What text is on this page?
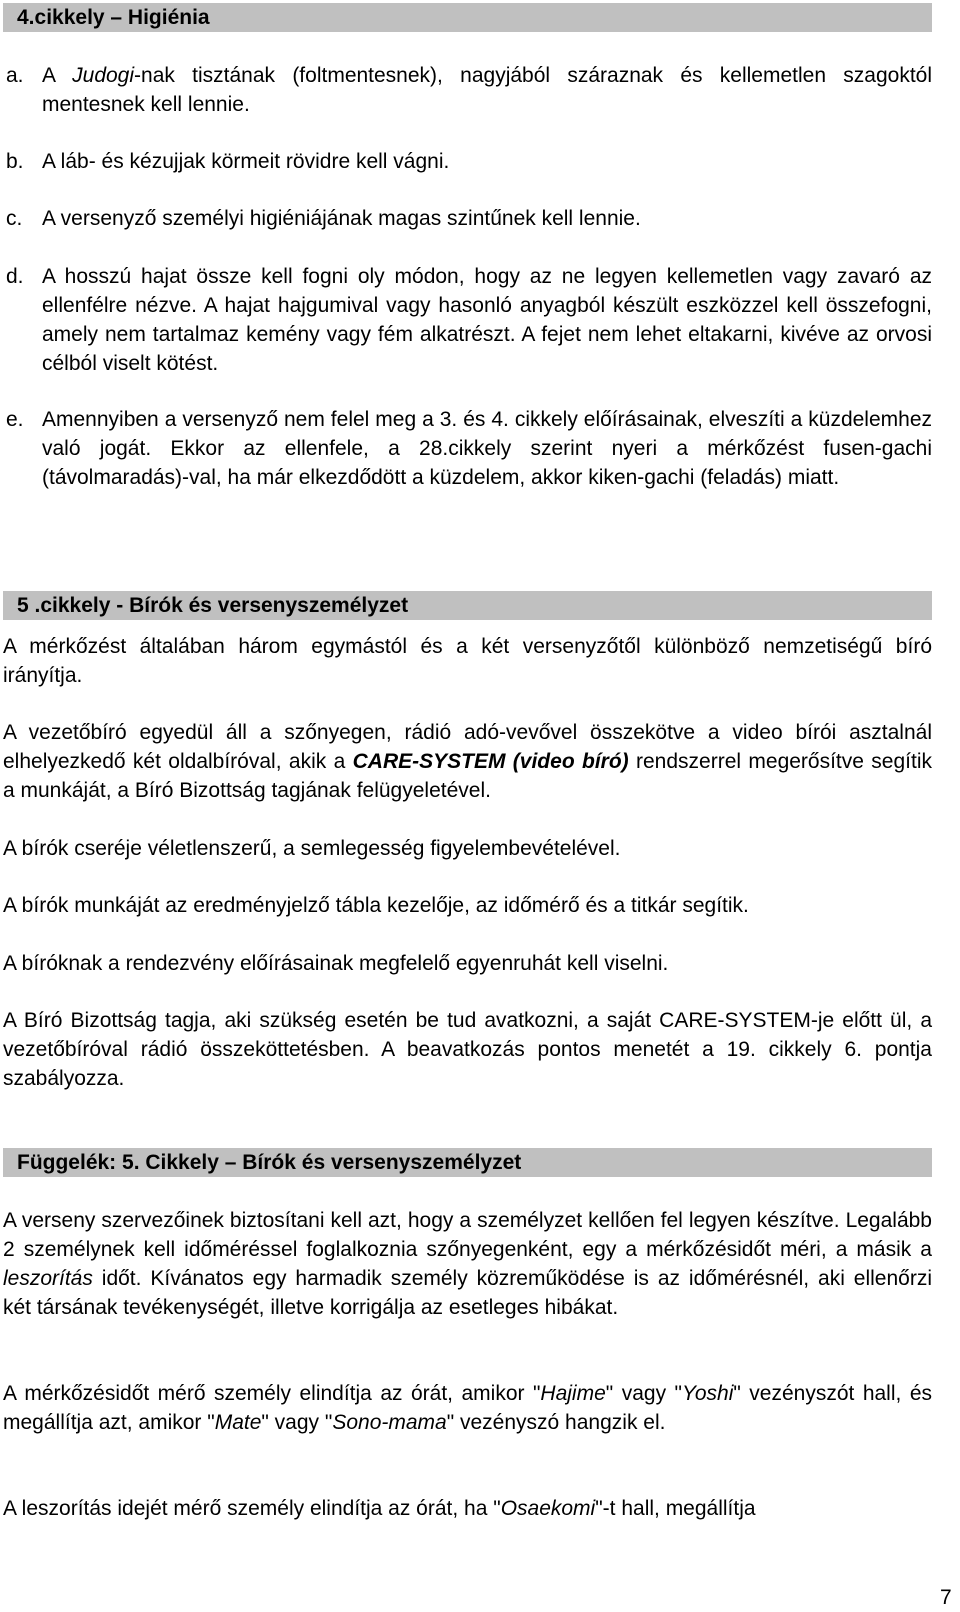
4.cikkely – Higiénia
a. A Judogi-nak tisztának (foltmentesnek), nagyjából száraznak és kellemetlen szagoktól mentesnek kell lennie.
b. A láb- és kézujjak körmeit rövidre kell vágni.
c. A versenyző személyi higiéniájának magas szintűnek kell lennie.
d. A hosszú hajat össze kell fogni oly módon, hogy az ne legyen kellemetlen vagy zavaró az ellenfélre nézve. A hajat hajgumival vagy hasonló anyagból készült eszközzel kell összefogni, amely nem tartalmaz kemény vagy fém alkatrészt. A fejet nem lehet eltakarni, kivéve az orvosi célból viselt kötést.
e. Amennyiben a versenyző nem felel meg a 3. és 4. cikkely előírásainak, elveszíti a küzdelemhez való jogát. Ekkor az ellenfele, a 28.cikkely szerint nyeri a mérkőzést fusen-gachi (távolmaradás)-val, ha már elkezdődött a küzdelem, akkor kiken-gachi (feladás) miatt.
5 .cikkely - Bírók és versenyszemélyzet
A mérkőzést általában három egymástól és a két versenyzőtől különböző nemzetiségű bíró irányítja.
A vezetőbíró egyedül áll a szőnyegen, rádió adó-vevővel összekötve a video bírói asztalnál elhelyezkedő két oldalbíróval, akik a CARE-SYSTEM (video bíró) rendszerrel megerősítve segítik a munkáját, a Bíró Bizottság tagjának felügyeletével.
A bírók cseréje véletlenszerű, a semlegesség figyelembevételével.
A bírók munkáját az eredményjelző tábla kezelője, az időmérő és a titkár segítik.
A bíróknak a rendezvény előírásainak megfelelő egyenruhát kell viselni.
A Bíró Bizottság tagja, aki szükség esetén be tud avatkozni, a saját CARE-SYSTEM-je előtt ül, a vezetőbíróval rádió összeköttetésben. A beavatkozás pontos menetét a 19. cikkely 6. pontja szabályozza.
Függelék: 5. Cikkely – Bírók és versenyszemélyzet
A verseny szervezőinek biztosítani kell azt, hogy a személyzet kellően fel legyen készítve. Legalább 2 személynek kell időméréssel foglalkoznia szőnyegenként, egy a mérkőzésidőt méri, a másik a leszorítás időt. Kívánatos egy harmadik személy közreműködése is az időmérésnél, aki ellenőrzi két társának tevékenységét, illetve korrigálja az esetleges hibákat.
A mérkőzésidőt mérő személy elindítja az órát, amikor "Hajime" vagy "Yoshi" vezényszót hall, és megállítja azt, amikor "Mate" vagy "Sono-mama" vezényszó hangzik el.
A leszorítás idejét mérő személy elindítja az órát, ha "Osaekomi"-t hall, megállítja
7
